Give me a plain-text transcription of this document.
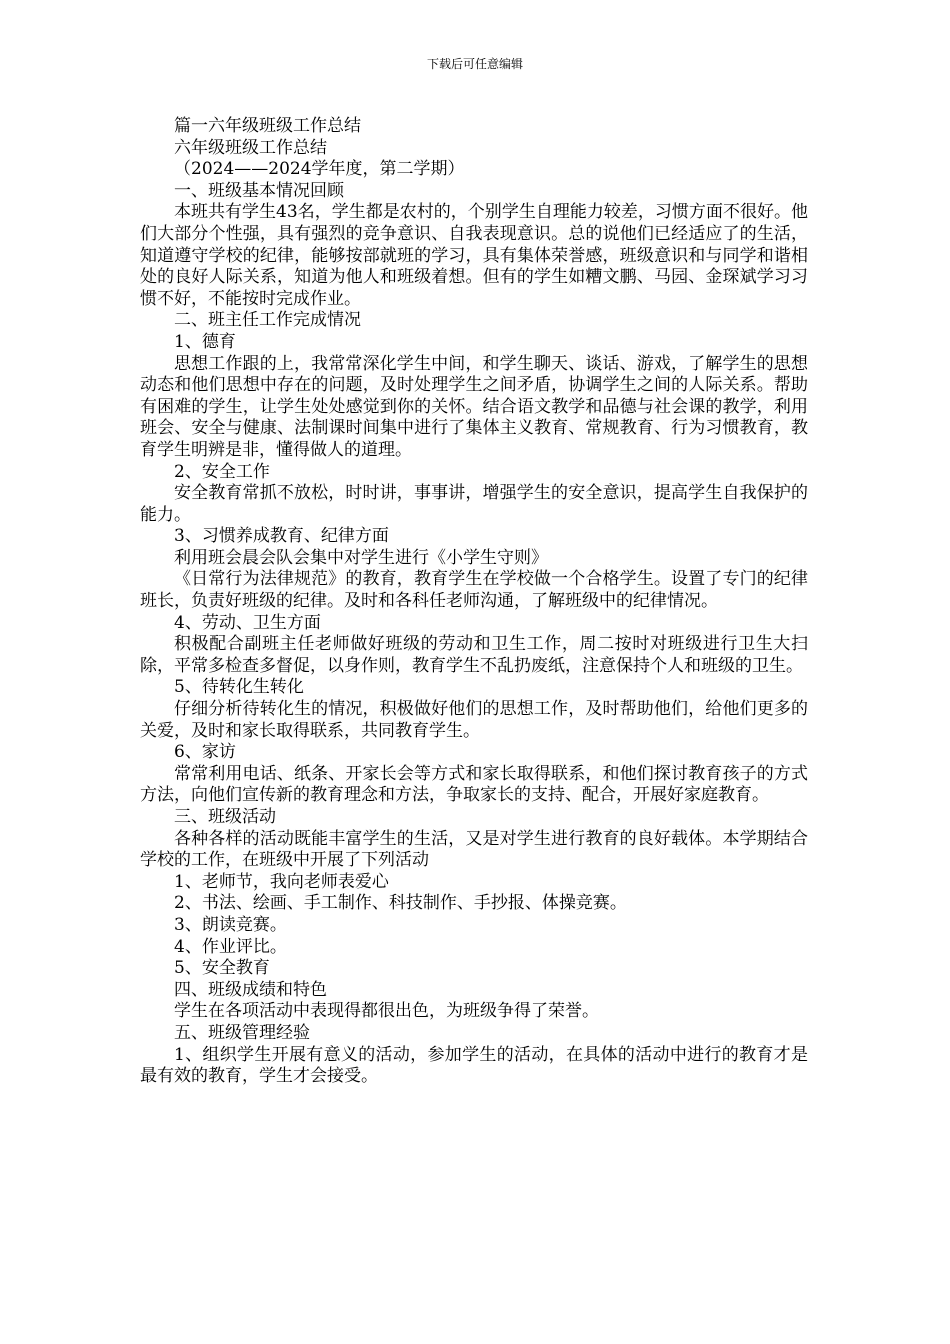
下载后可任意编辑

篇一六年级班级工作总结

六年级班级工作总结

（2024——2024学年度，第二学期）

一、班级基本情况回顾

本班共有学生43名，学生都是农村的，个别学生自理能力较差，习惯方面不很好。他们大部分个性强，具有强烈的竞争意识、自我表现意识。总的说他们已经适应了的生活，知道遵守学校的纪律，能够按部就班的学习，具有集体荣誉感，班级意识和与同学和谐相处的良好人际关系，知道为他人和班级着想。但有的学生如糟文鹏、马园、金琛斌学习习惯不好，不能按时完成作业。

二、班主任工作完成情况

1、德育

思想工作跟的上，我常常深化学生中间，和学生聊天、谈话、游戏，了解学生的思想动态和他们思想中存在的问题，及时处理学生之间矛盾，协调学生之间的人际关系。帮助有困难的学生，让学生处处感觉到你的关怀。结合语文教学和品德与社会课的教学，利用班会、安全与健康、法制课时间集中进行了集体主义教育、常规教育、行为习惯教育，教育学生明辨是非，懂得做人的道理。

2、安全工作

安全教育常抓不放松，时时讲，事事讲，增强学生的安全意识，提高学生自我保护的能力。

3、习惯养成教育、纪律方面

利用班会晨会队会集中对学生进行《小学生守则》

《日常行为法律规范》的教育，教育学生在学校做一个合格学生。设置了专门的纪律班长，负责好班级的纪律。及时和各科任老师沟通，了解班级中的纪律情况。

4、劳动、卫生方面

积极配合副班主任老师做好班级的劳动和卫生工作，周二按时对班级进行卫生大扫除，平常多检查多督促，以身作则，教育学生不乱扔废纸，注意保持个人和班级的卫生。

5、待转化生转化

仔细分析待转化生的情况，积极做好他们的思想工作，及时帮助他们，给他们更多的关爱，及时和家长取得联系，共同教育学生。

6、家访

常常利用电话、纸条、开家长会等方式和家长取得联系，和他们探讨教育孩子的方式方法，向他们宣传新的教育理念和方法，争取家长的支持、配合，开展好家庭教育。

三、班级活动

各种各样的活动既能丰富学生的生活，又是对学生进行教育的良好载体。本学期结合学校的工作，在班级中开展了下列活动

1、老师节，我向老师表爱心

2、书法、绘画、手工制作、科技制作、手抄报、体操竞赛。

3、朗读竞赛。

4、作业评比。

5、安全教育

四、班级成绩和特色

学生在各项活动中表现得都很出色，为班级争得了荣誉。

五、班级管理经验

1、组织学生开展有意义的活动，参加学生的活动，在具体的活动中进行的教育才是最有效的教育，学生才会接受。
